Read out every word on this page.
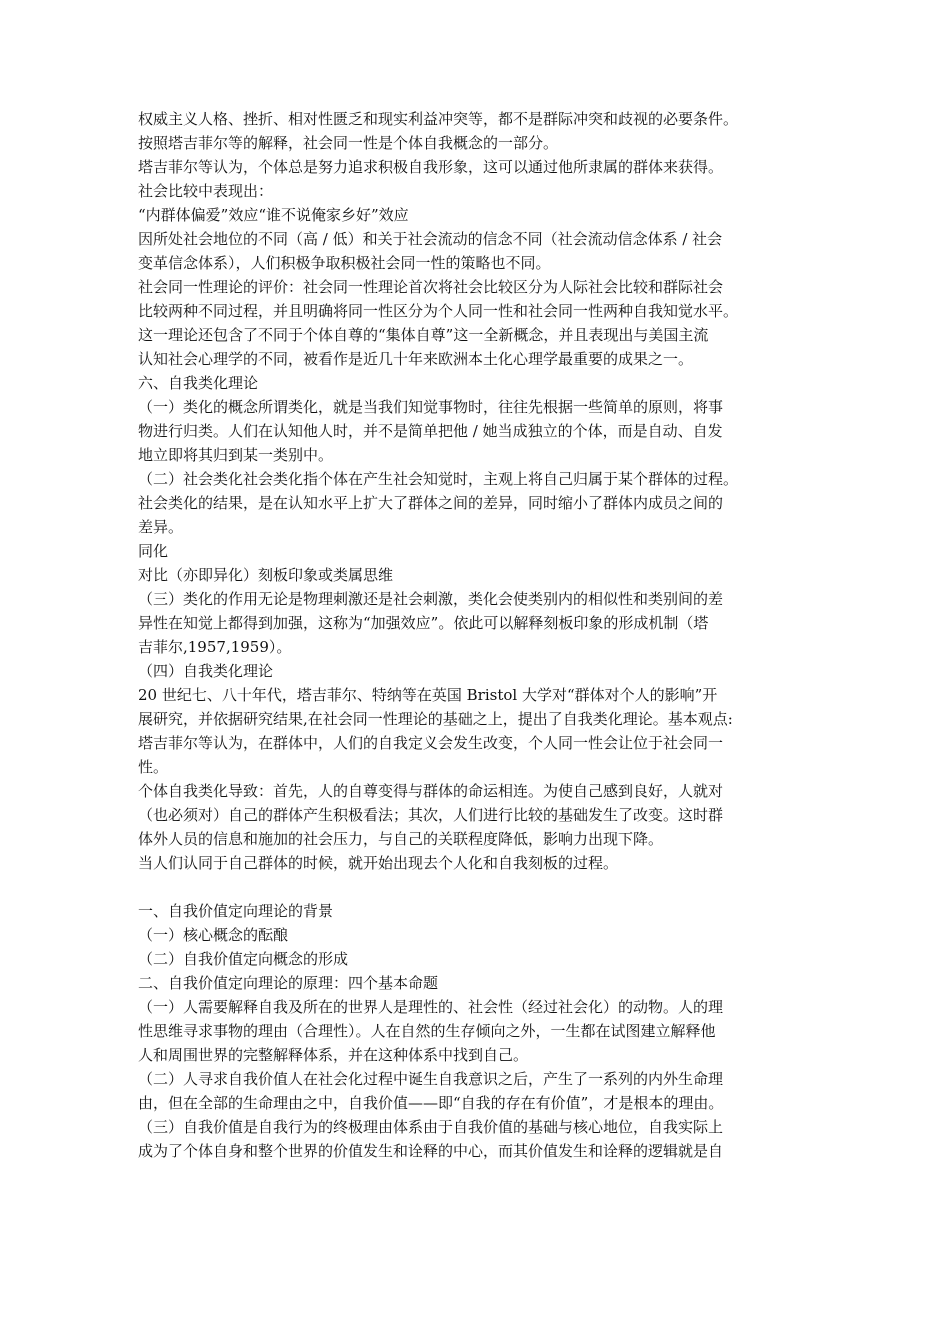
权威主义人格、挫折、相对性匮乏和现实利益冲突等，都不是群际冲突和歧视的必要条件。
按照塔吉菲尔等的解释，社会同一性是个体自我概念的一部分。
塔吉菲尔等认为，个体总是努力追求积极自我形象，这可以通过他所隶属的群体来获得。
社会比较中表现出：
“内群体偏爱”效应“谁不说俺家乡好”效应
因所处社会地位的不同（高 / 低）和关于社会流动的信念不同（社会流动信念体系 / 社会
变革信念体系），人们积极争取积极社会同一性的策略也不同。
社会同一性理论的评价：社会同一性理论首次将社会比较区分为人际社会比较和群际社会
比较两种不同过程，并且明确将同一性区分为个人同一性和社会同一性两种自我知觉水平。
这一理论还包含了不同于个体自尊的“集体自尊”这一全新概念，并且表现出与美国主流
认知社会心理学的不同，被看作是近几十年来欧洲本土化心理学最重要的成果之一。
六、自我类化理论
（一）类化的概念所谓类化，就是当我们知觉事物时，往往先根据一些简单的原则，将事
物进行归类。人们在认知他人时，并不是简单把他 / 她当成独立的个体，而是自动、自发
地立即将其归到某一类别中。
（二）社会类化社会类化指个体在产生社会知觉时，主观上将自己归属于某个群体的过程。
社会类化的结果，是在认知水平上扩大了群体之间的差异，同时缩小了群体内成员之间的
差异。
同化
对比（亦即异化）刻板印象或类属思维
（三）类化的作用无论是物理刺激还是社会刺激，类化会使类别内的相似性和类别间的差
异性在知觉上都得到加强，这称为“加强效应”。依此可以解释刻板印象的形成机制（塔
吉菲尔,1957,1959）。
（四）自我类化理论
20 世纪七、八十年代，塔吉菲尔、特纳等在英国 Bristol 大学对“群体对个人的影响”开
展研究，并依据研究结果,在社会同一性理论的基础之上，提出了自我类化理论。基本观点:
塔吉菲尔等认为，在群体中，人们的自我定义会发生改变，个人同一性会让位于社会同一
性。
个体自我类化导致：首先，人的自尊变得与群体的命运相连。为使自己感到良好，人就对
（也必须对）自己的群体产生积极看法；其次，人们进行比较的基础发生了改变。这时群
体外人员的信息和施加的社会压力，与自己的关联程度降低，影响力出现下降。
当人们认同于自己群体的时候，就开始出现去个人化和自我刻板的过程。
一、自我价值定向理论的背景
（一）核心概念的酝酿
（二）自我价值定向概念的形成
二、自我价值定向理论的原理：四个基本命题
（一）人需要解释自我及所在的世界人是理性的、社会性（经过社会化）的动物。人的理
性思维寻求事物的理由（合理性）。人在自然的生存倾向之外，一生都在试图建立解释他
人和周围世界的完整解释体系，并在这种体系中找到自己。
（二）人寻求自我价值人在社会化过程中诞生自我意识之后，产生了一系列的内外生命理
由，但在全部的生命理由之中，自我价值——即“自我的存在有价值”，才是根本的理由。
（三）自我价值是自我行为的终极理由体系由于自我价值的基础与核心地位，自我实际上
成为了个体自身和整个世界的价值发生和诠释的中心，而其价值发生和诠释的逻辑就是自
